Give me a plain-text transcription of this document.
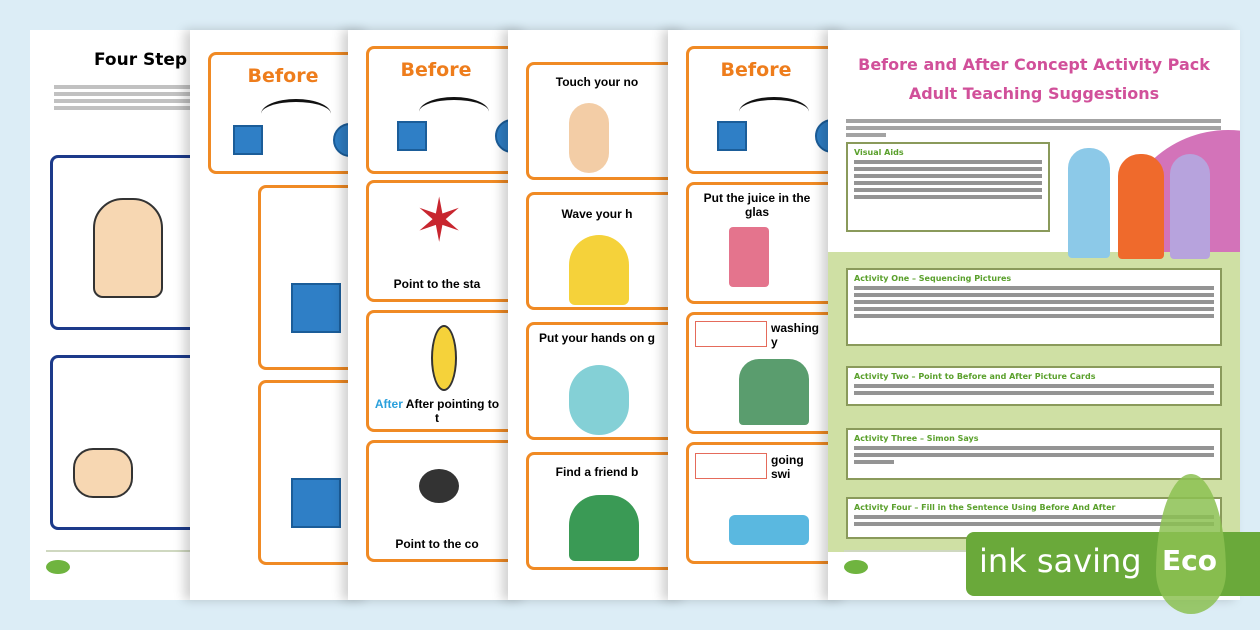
Four Step
Before	Before
✶
Point to the sta
After After pointing to t
Point to the co
Touch your no
Wave your h
Put your hands on g
Find a friend b
Before
Put the juice in the glas
washing y
going swi
Before and After Concept Activity Pack
Adult Teaching Suggestions
Visual Aids
Activity One – Sequencing Pictures
Activity Two – Point to Before and After Picture Cards
Activity Three – Simon Says
Activity Four – Fill in the Sentence Using Before And After
ink saving Eco
